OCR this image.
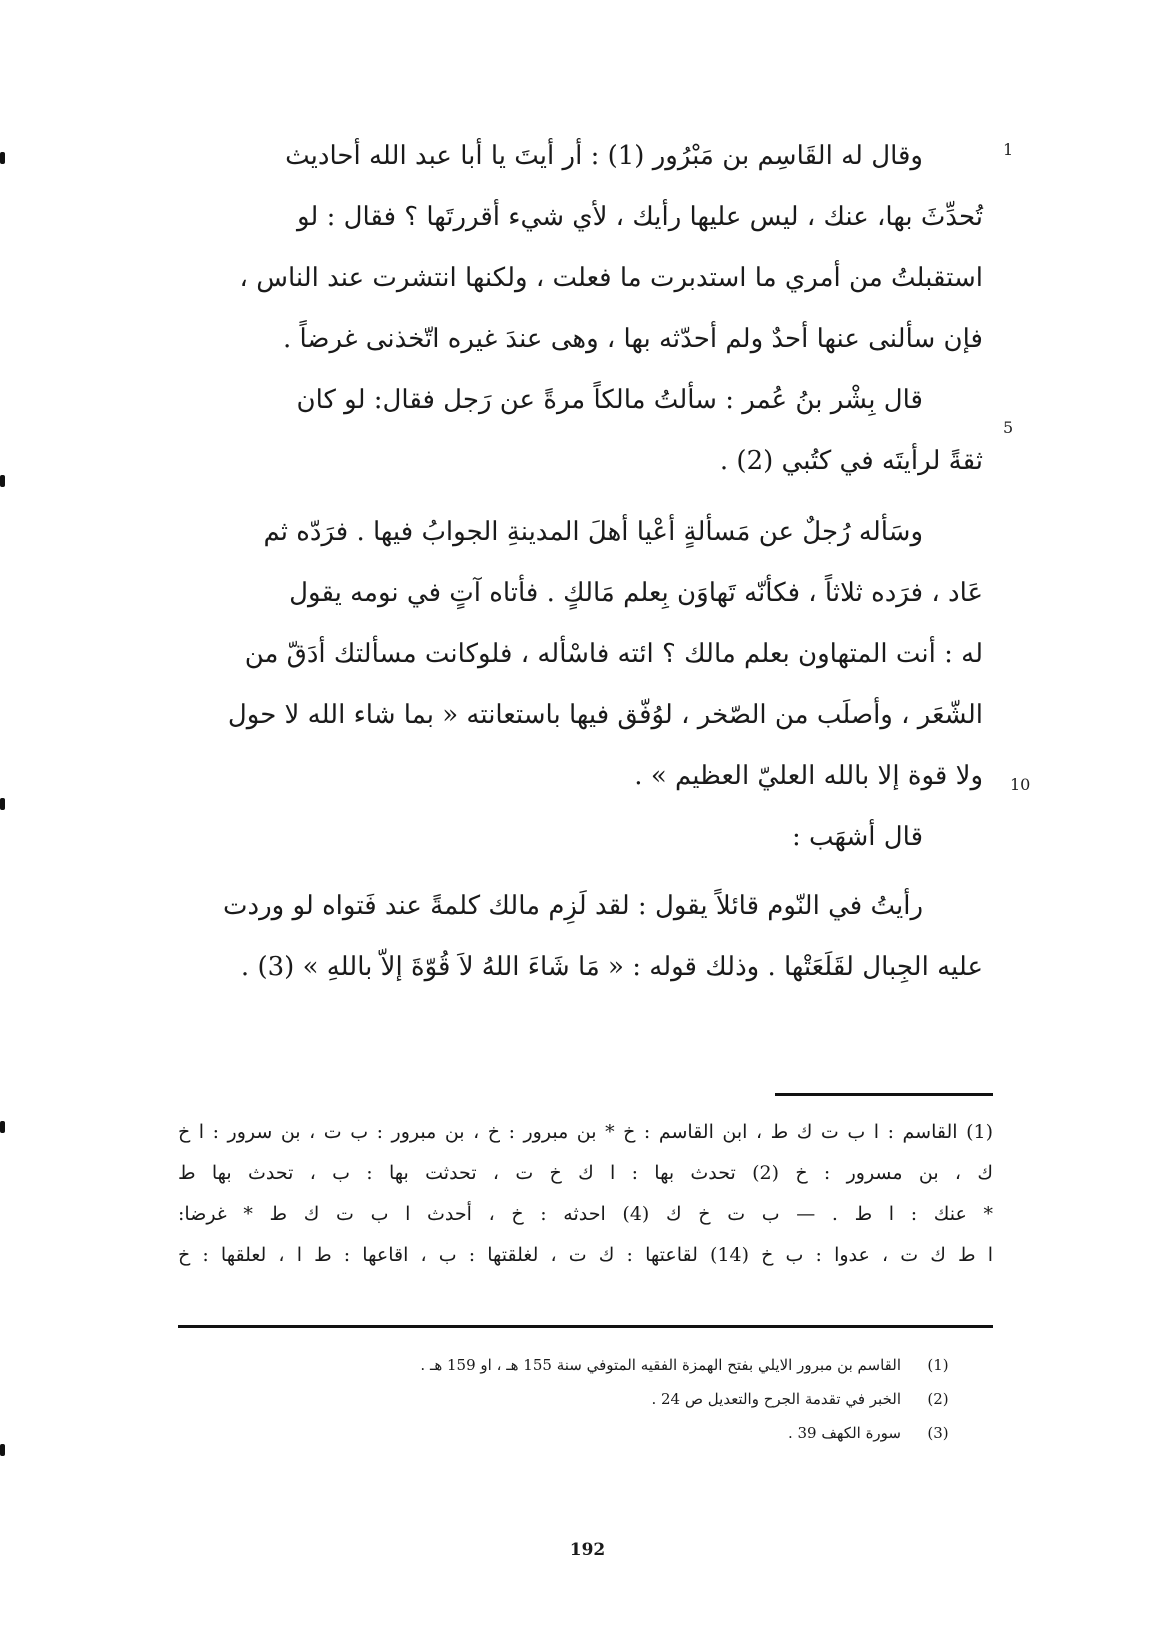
1
5
10

وقال له القَاسِم بن مَبْرُور (1) : أر أيتَ يا أبا عبد الله أحاديث

تُحدِّثَ بها، عنك ، ليس عليها رأيك ، لأي شيء أقررتَها ؟ فقال : لو

استقبلتُ من أمري ما استدبرت ما فعلت ، ولكنها انتشرت عند الناس ،

فإن سألنى عنها أحدٌ ولم أحدّثه بها ، وهى عندَ غيره اتّخذنى غرضاً .

قال بِشْر بنُ عُمر : سألتُ مالكاً مرةً عن رَجل فقال: لو كان

ثقةً لرأيتَه في كتُبي (2) .

وسَأله رُجلٌ عن مَسألةٍ أعْيا أهلَ المدينةِ الجوابُ فيها . فرَدّه ثم

عَاد ، فرَده ثلاثاً ، فكأنّه تَهاوَن بِعلم مَالكٍ . فأتاه آتٍ في نومه يقول

له : أنت المتهاون بعلم مالك ؟ ائته فاسْأله ، فلوكانت مسألتك أدَقّ من

الشّعَر ، وأصلَب من الصّخر ، لوُفّق فيها باستعانته « بما شاء الله لا حول

ولا قوة إلا بالله العليّ العظيم » .

قال أشهَب :

رأيتُ في النّوم قائلاً يقول : لقد لَزِم مالك كلمةً عند فَتواه لو وردت

عليه الجِبال لقَلَعَتْها . وذلك قوله : « مَا شَاءَ اللهُ لاَ قُوّةَ إلاّ باللهِ » (3) .

(1) القاسم : ا ب ت ك ط ، ابن القاسم : خ * بن مبرور : خ ، بن مبرور : ب ت ، بن سرور : ا خ

ك ، بن مسرور : خ (2) تحدث بها : ا ك خ ت ، تحدثت بها : ب ، تحدث بها ط

* عنك : ا ط . — ب ت خ ك (4) احدثه : خ ، أحدث ا ب ت ك ط * غرضا:

ا ط ك ت ، عدوا : ب خ (14) لقاعتها : ك ت ، لغلقتها : ب ، اقاعها : ط ا ، لعلقها : خ

(1)
القاسم بن مبرور الايلي بفتح الهمزة الفقيه المتوفي سنة 155 هـ ، او 159 هـ .
(2)
الخبر في تقدمة الجرح والتعديل ص 24 .
(3)
سورة الكهف 39 .
192
